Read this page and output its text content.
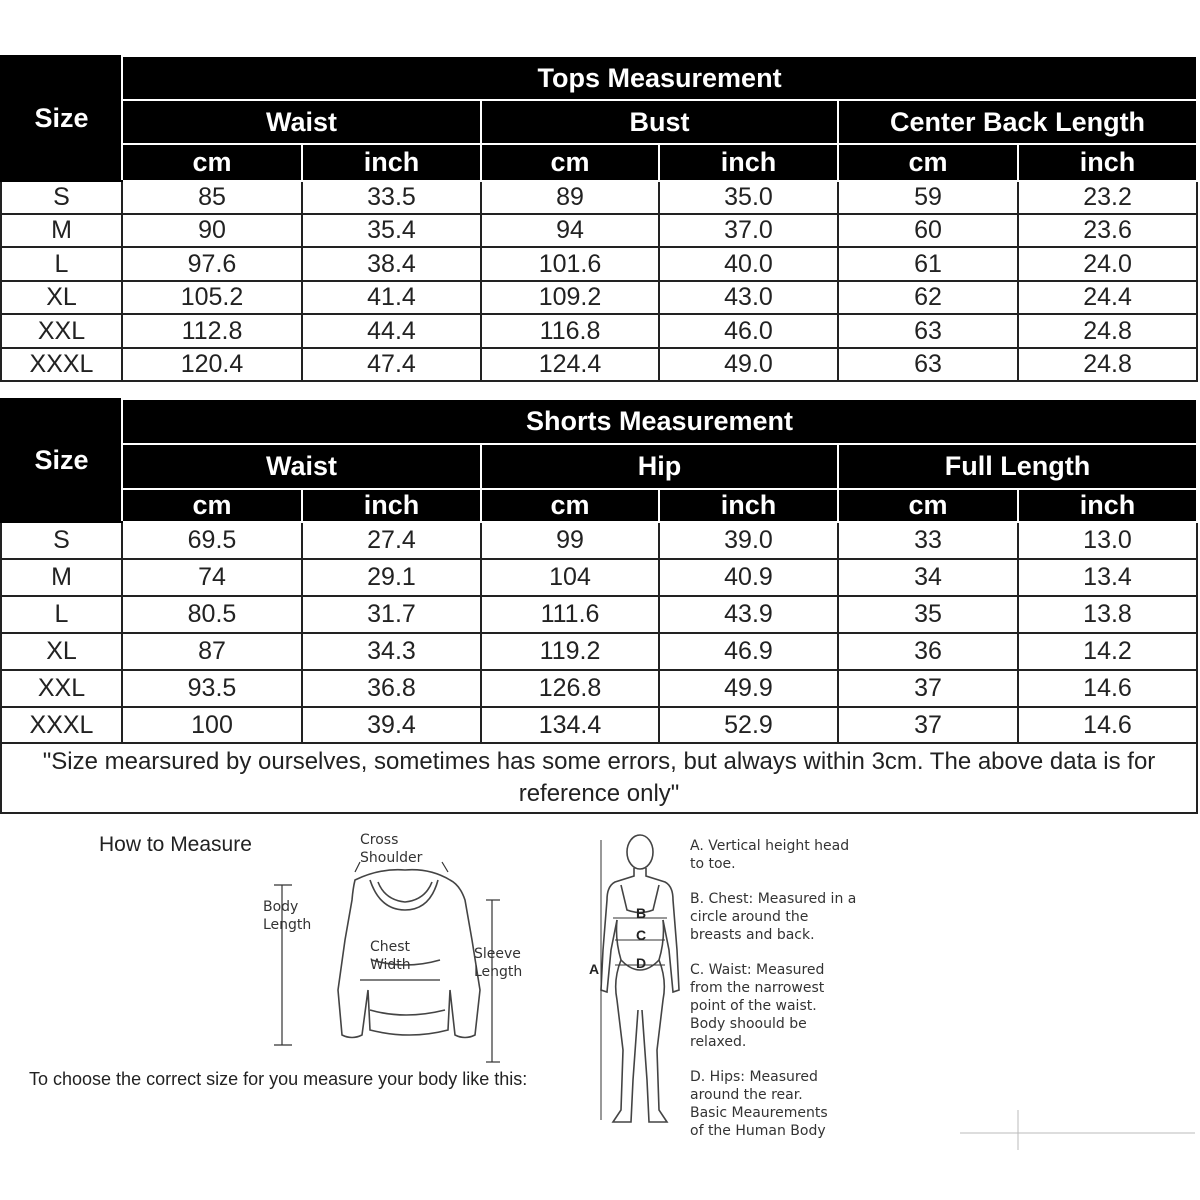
Size	Tops Measurement					
	Waist		Bust		Center Back Length	
	cm	inch	cm	inch	cm	inch
S	85	33.5	89	35.0	59	23.2
M	90	35.4	94	37.0	60	23.6
L	97.6	38.4	101.6	40.0	61	24.0
XL	105.2	41.4	109.2	43.0	62	24.4
XXL	112.8	44.4	116.8	46.0	63	24.8
XXXL	120.4	47.4	124.4	49.0	63	24.8
Size	Shorts Measurement					
	Waist		Hip		Full Length	
	cm	inch	cm	inch	cm	inch
S	69.5	27.4	99	39.0	33	13.0
M	74	29.1	104	40.9	34	13.4
L	80.5	31.7	111.6	43.9	35	13.8
XL	87	34.3	119.2	46.9	36	14.2
XXL	93.5	36.8	126.8	49.9	37	14.6
XXXL	100	39.4	134.4	52.9	37	14.6
"Size mearsured by ourselves, sometimes has some errors, but always within 3cm. The above data is for reference only"						
How to Measure
To choose the correct size for you measure your body like this:
Cross
Shoulder
Body
Length
Chest
Width
Sleeve
Length
B
C
D
A
A. Vertical height head
to toe.
B. Chest: Measured in a
circle around the
breasts and back.
C. Waist: Measured
from the narrowest
point of the waist.
Body shoould be
relaxed.
D. Hips: Measured
around the rear.
Basic Meaurements
of the Human Body
